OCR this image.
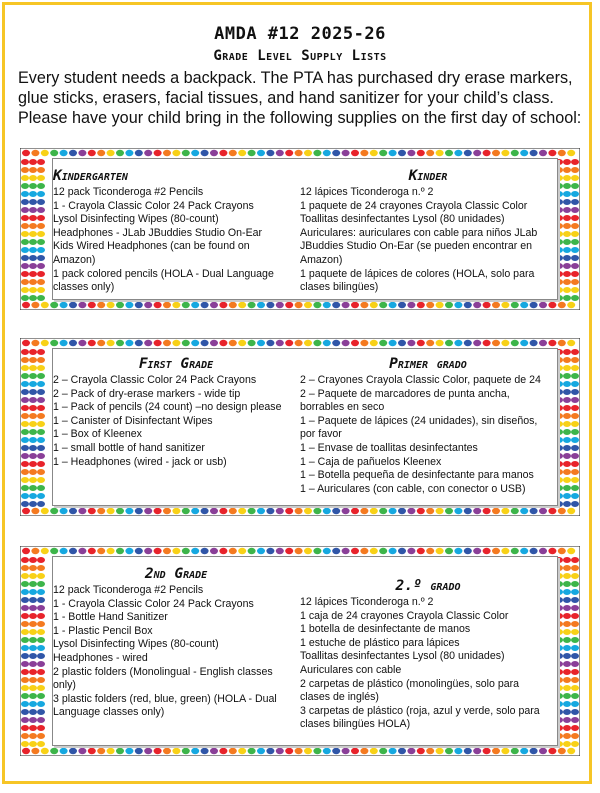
AMDA #12 2025-26
Grade Level Supply Lists
Every student needs a backpack. The PTA has purchased dry erase markers, glue sticks, erasers, facial tissues, and hand sanitizer for your child’s class. Please have your child bring in the following supplies on the first day of school:
Kindergarten
12 pack Ticonderoga #2 Pencils
1 - Crayola Classic Color 24 Pack Crayons
Lysol Disinfecting Wipes (80-count)
Headphones - JLab JBuddies Studio On-Ear
Kids Wired Headphones (can be found on
Amazon)
1 pack colored pencils (HOLA - Dual Language
classes only)
Kinder
12 lápices Ticonderoga n.º 2
1 paquete de 24 crayones Crayola Classic Color
Toallitas desinfectantes Lysol (80 unidades)
Auriculares: auriculares con cable para niños JLab
JBuddies Studio On-Ear (se pueden encontrar en
Amazon)
1 paquete de lápices de colores (HOLA, solo para
clases bilingües)
First Grade
2 – Crayola Classic Color 24 Pack Crayons
2 – Pack of dry-erase markers - wide tip
1 – Pack of pencils (24 count) –no design please
1 – Canister of Disinfectant Wipes
1 – Box of Kleenex
1 – small bottle of hand sanitizer
1 – Headphones (wired - jack or usb)
Primer grado
2 – Crayones Crayola Classic Color, paquete de 24
2 – Paquete de marcadores de punta ancha,
borrables en seco
1 – Paquete de lápices (24 unidades), sin diseños,
por favor
1 – Envase de toallitas desinfectantes
1 – Caja de pañuelos Kleenex
1 – Botella pequeña de desinfectante para manos
1 – Auriculares (con cable, con conector o USB)
2nd Grade
12 pack Ticonderoga #2 Pencils
1 - Crayola Classic Color 24 Pack Crayons
1 - Bottle Hand Sanitizer
1 - Plastic Pencil Box
Lysol Disinfecting Wipes (80-count)
Headphones - wired
2 plastic folders (Monolingual - English classes
only)
3 plastic folders (red, blue, green) (HOLA - Dual
Language classes only)
2.º grado
12 lápices Ticonderoga n.º 2
1 caja de 24 crayones Crayola Classic Color
1 botella de desinfectante de manos
1 estuche de plástico para lápices
Toallitas desinfectantes Lysol (80 unidades)
Auriculares con cable
2 carpetas de plástico (monolingües, solo para
clases de inglés)
3 carpetas de plástico (roja, azul y verde, solo para
clases bilingües HOLA)
